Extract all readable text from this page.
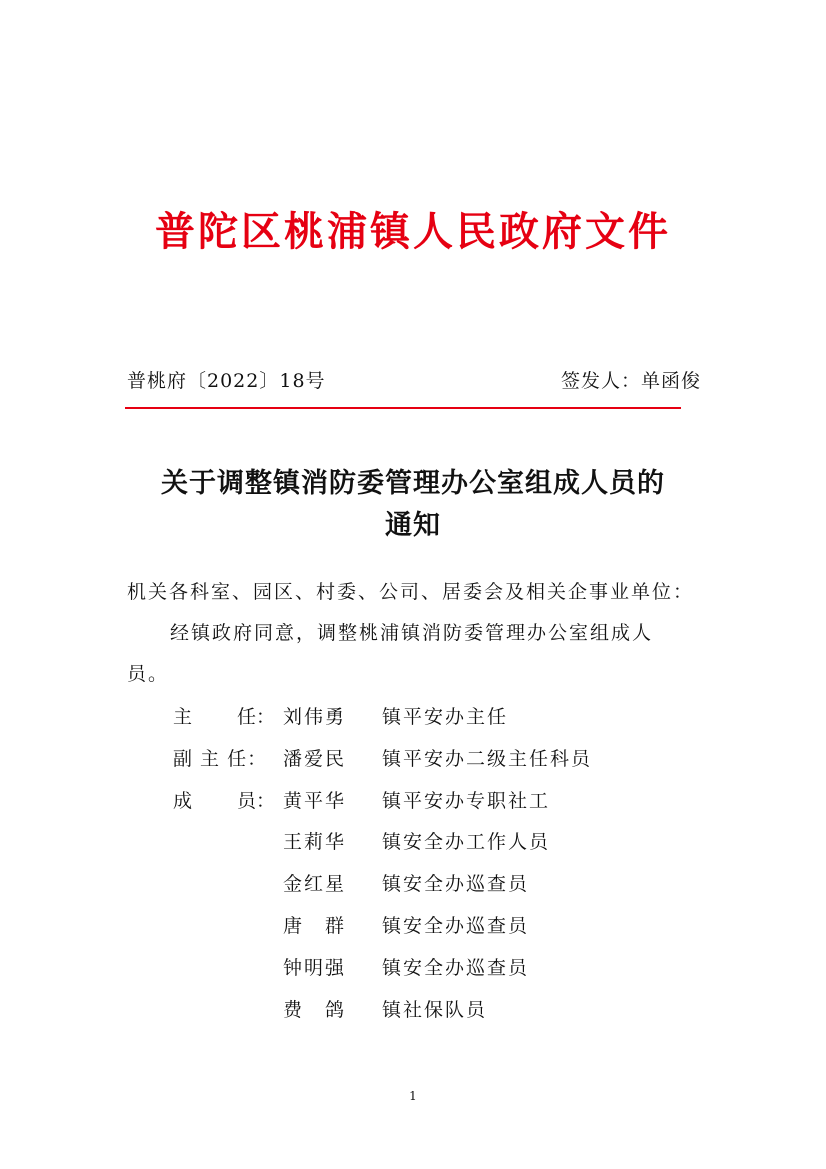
普陀区桃浦镇人民政府文件
普桃府〔2022〕18号	签发人：单函俊
关于调整镇消防委管理办公室组成人员的
通知
机关各科室、园区、村委、公司、居委会及相关企事业单位：
经镇政府同意，调整桃浦镇消防委管理办公室组成人
员。
主 任： 刘伟勇 镇平安办主任
副 主 任： 潘爱民 镇平安办二级主任科员
成 员： 黄平华 镇平安办专职社工
王莉华 镇安全办工作人员
金红星 镇安全办巡查员
唐　群 镇安全办巡查员
钟明强 镇安全办巡查员
费　鸽 镇社保队员
1
